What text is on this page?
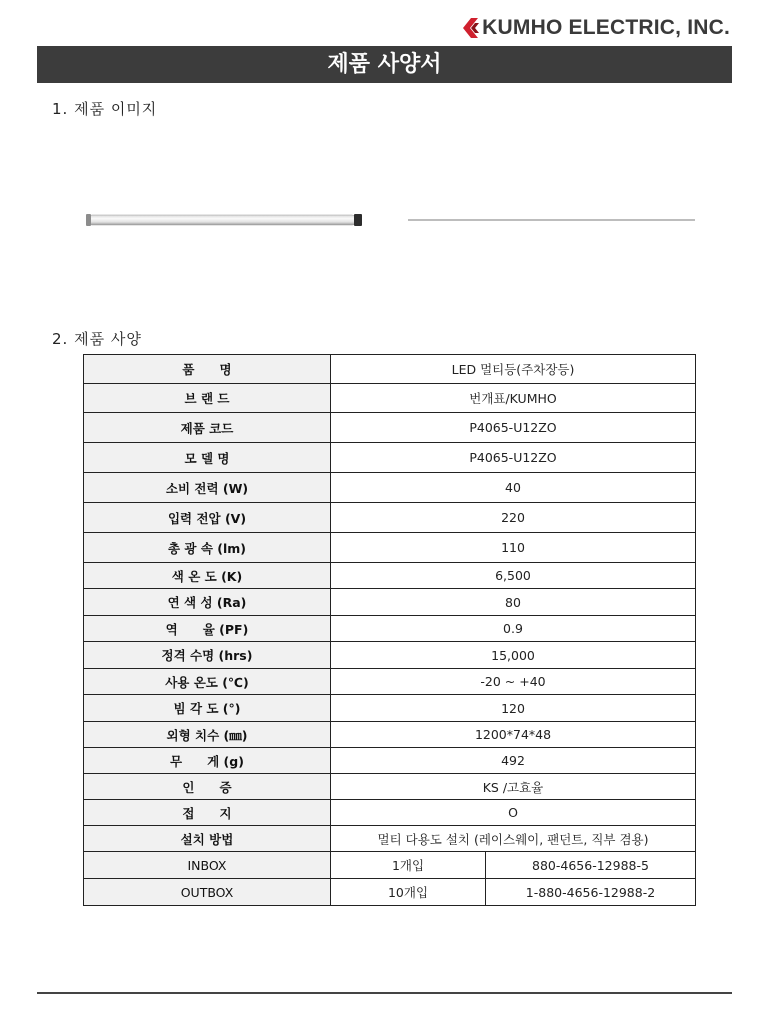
KUMHO ELECTRIC, INC.
제품 사양서
1. 제품 이미지
2. 제품 사양
품　　명	LED 멀티등(주차장등)	
브 랜 드	번개표/KUMHO	
제품 코드	P4065-U12ZO	
모 델 명	P4065-U12ZO	
소비 전력 (W)	40	
입력 전압 (V)	220	
총 광 속 (lm)	110	
색 온 도 (K)	6,500	
연 색 성 (Ra)	80	
역　　율 (PF)	0.9	
정격 수명 (hrs)	15,000	
사용 온도 (℃)	-20 ~ +40	
빔 각 도 (°)	120	
외형 치수 (㎜)	1200*74*48	
무　　게 (g)	492	
인　　증	KS /고효율	
접　　지	O	
설치 방법	멀티 다용도 설치 (레이스웨이, 팬던트, 직부 겸용)	
INBOX	1개입	880-4656-12988-5
OUTBOX	10개입	1-880-4656-12988-2
